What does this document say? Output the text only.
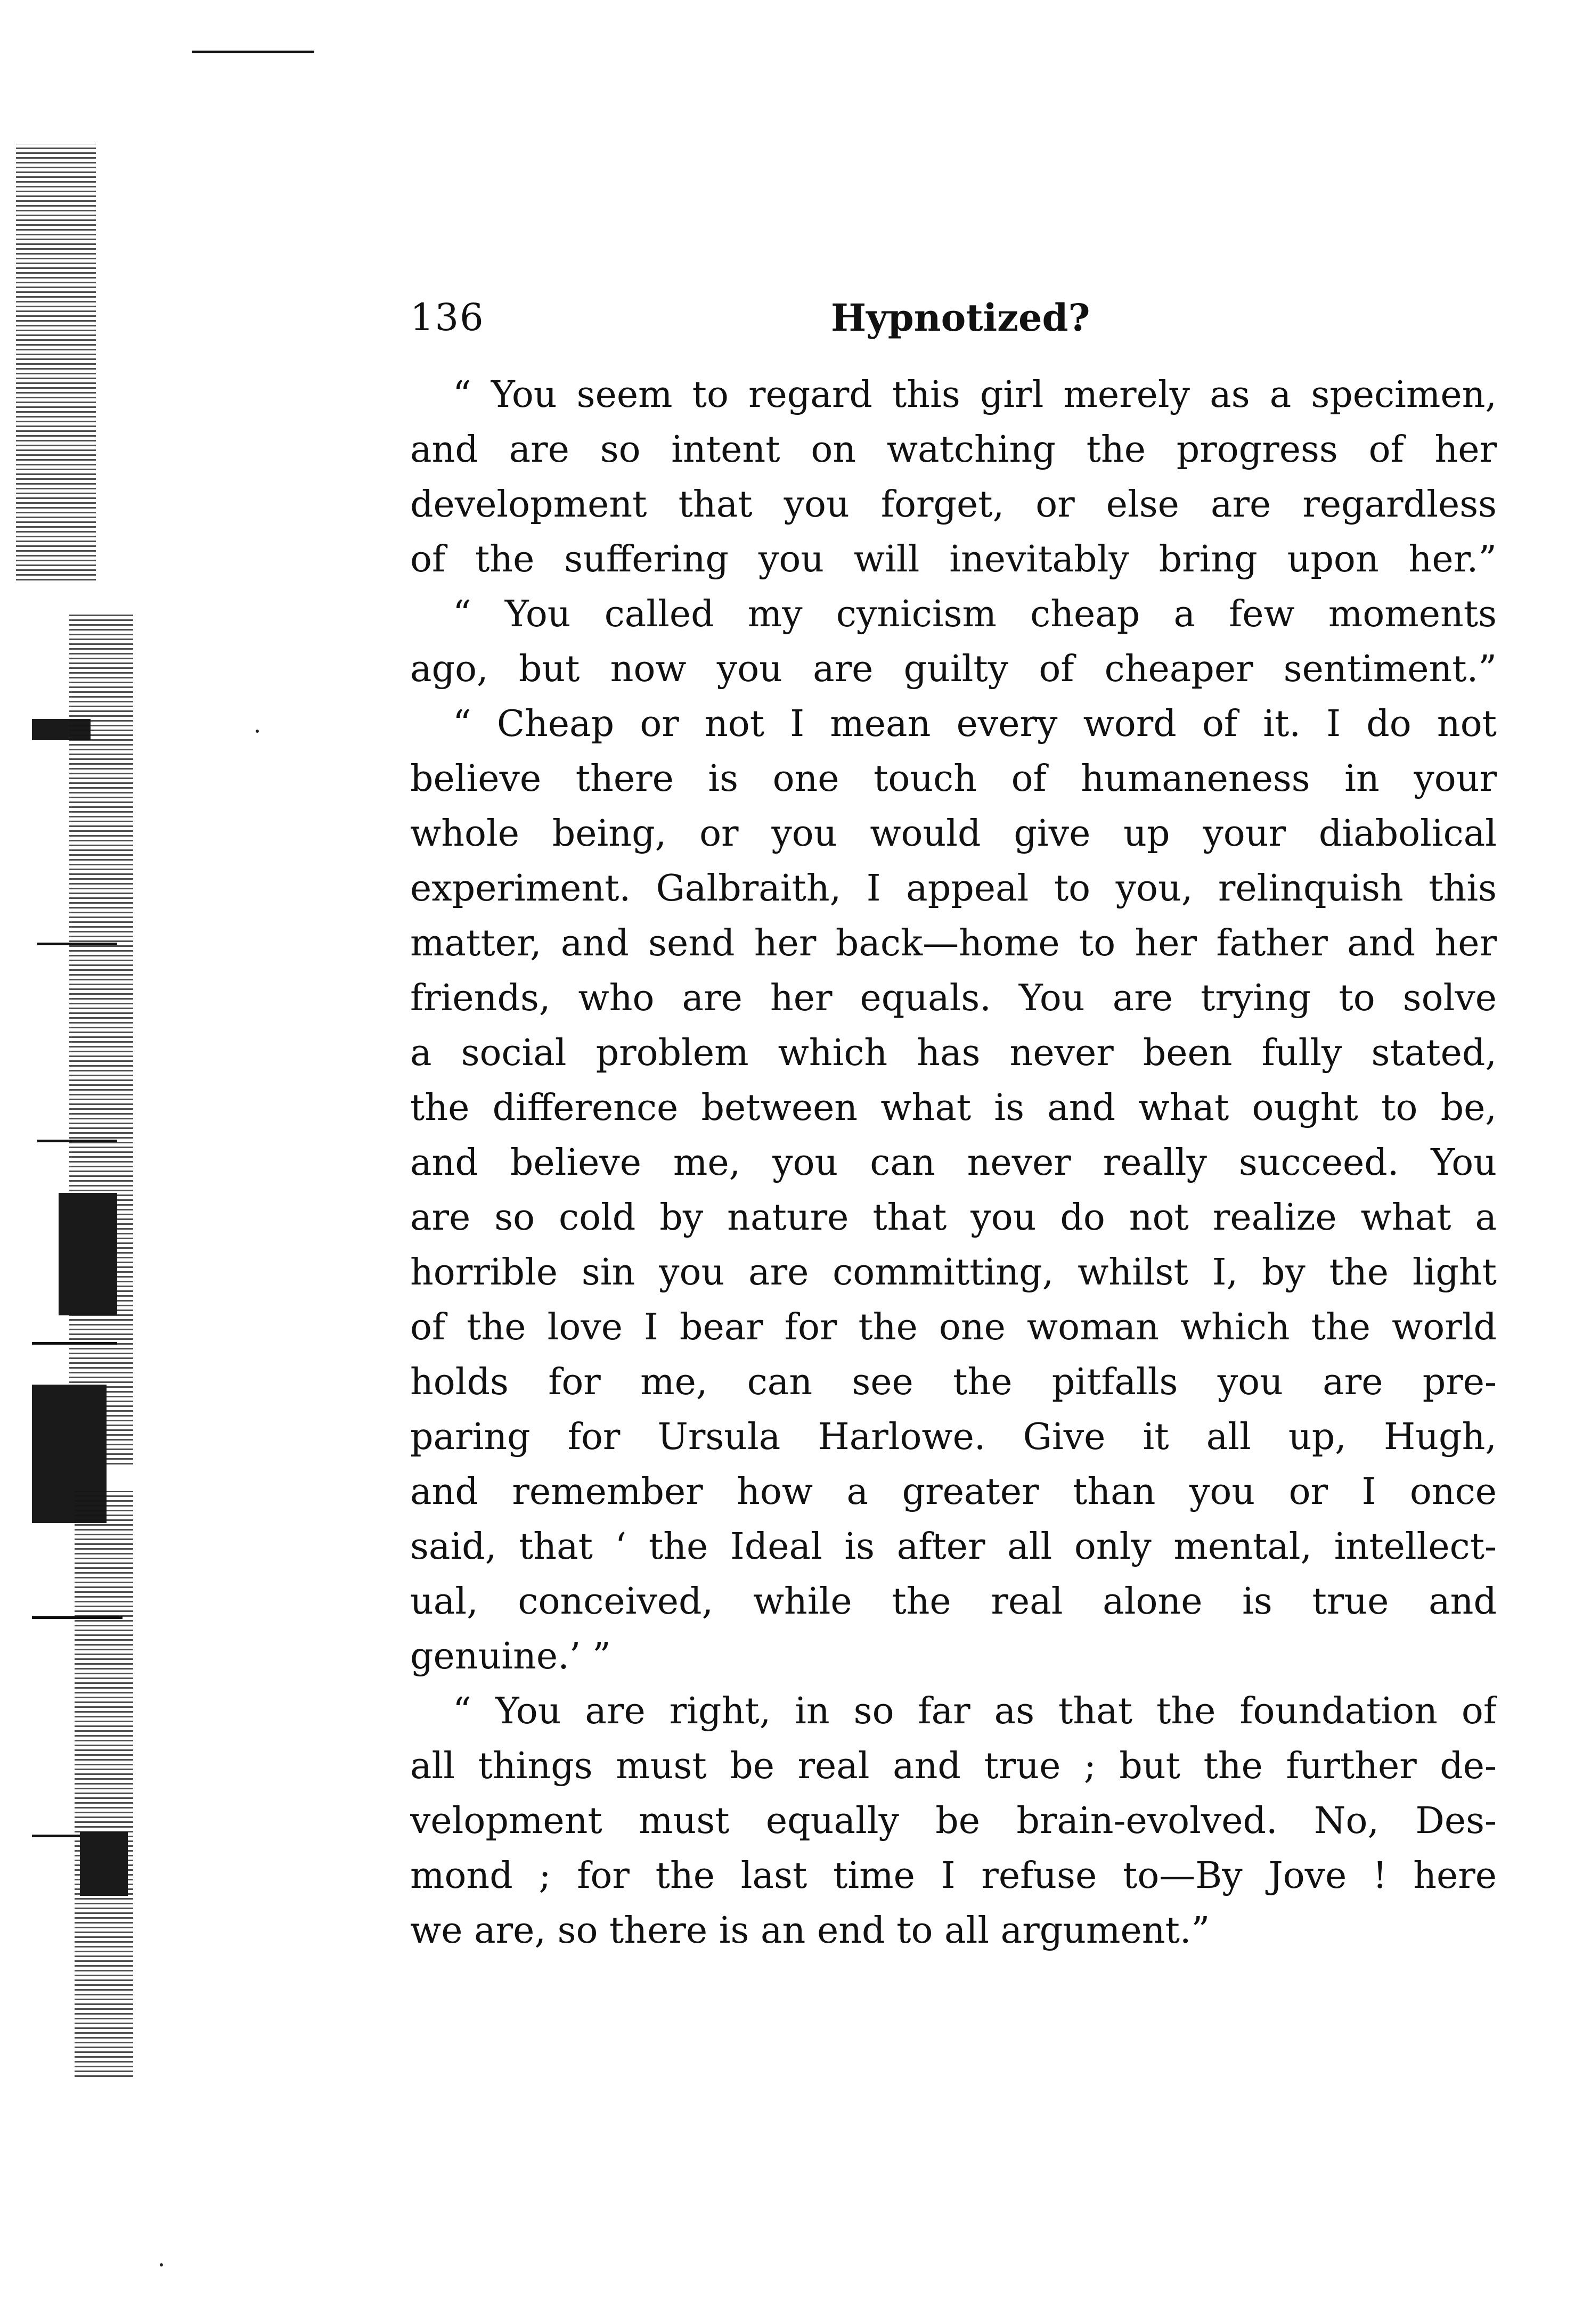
136	Hypnotized?
“ You seem to regard this girl merely as a specimen,
and are so intent on watching the progress of her
development that you forget, or else are regardless
of the suffering you will inevitably bring upon her.”
“ You called my cynicism cheap a few moments
ago, but now you are guilty of cheaper sentiment.”
“ Cheap or not I mean every word of it. I do not
believe there is one touch of humaneness in your
whole being, or you would give up your diabolical
experiment. Galbraith, I appeal to you, relinquish this
matter, and send her back—home to her father and her
friends, who are her equals. You are trying to solve
a social problem which has never been fully stated,
the difference between what is and what ought to be,
and believe me, you can never really succeed. You
are so cold by nature that you do not realize what a
horrible sin you are committing, whilst I, by the light
of the love I bear for the one woman which the world
holds for me, can see the pitfalls you are pre-
paring for Ursula Harlowe. Give it all up, Hugh,
and remember how a greater than you or I once
said, that ‘ the Ideal is after all only mental, intellect-
ual, conceived, while the real alone is true and
genuine.’ ”
“ You are right, in so far as that the foundation of
all things must be real and true ; but the further de-
velopment must equally be brain-evolved. No, Des-
mond ; for the last time I refuse to—By Jove ! here
we are, so there is an end to all argument.”
